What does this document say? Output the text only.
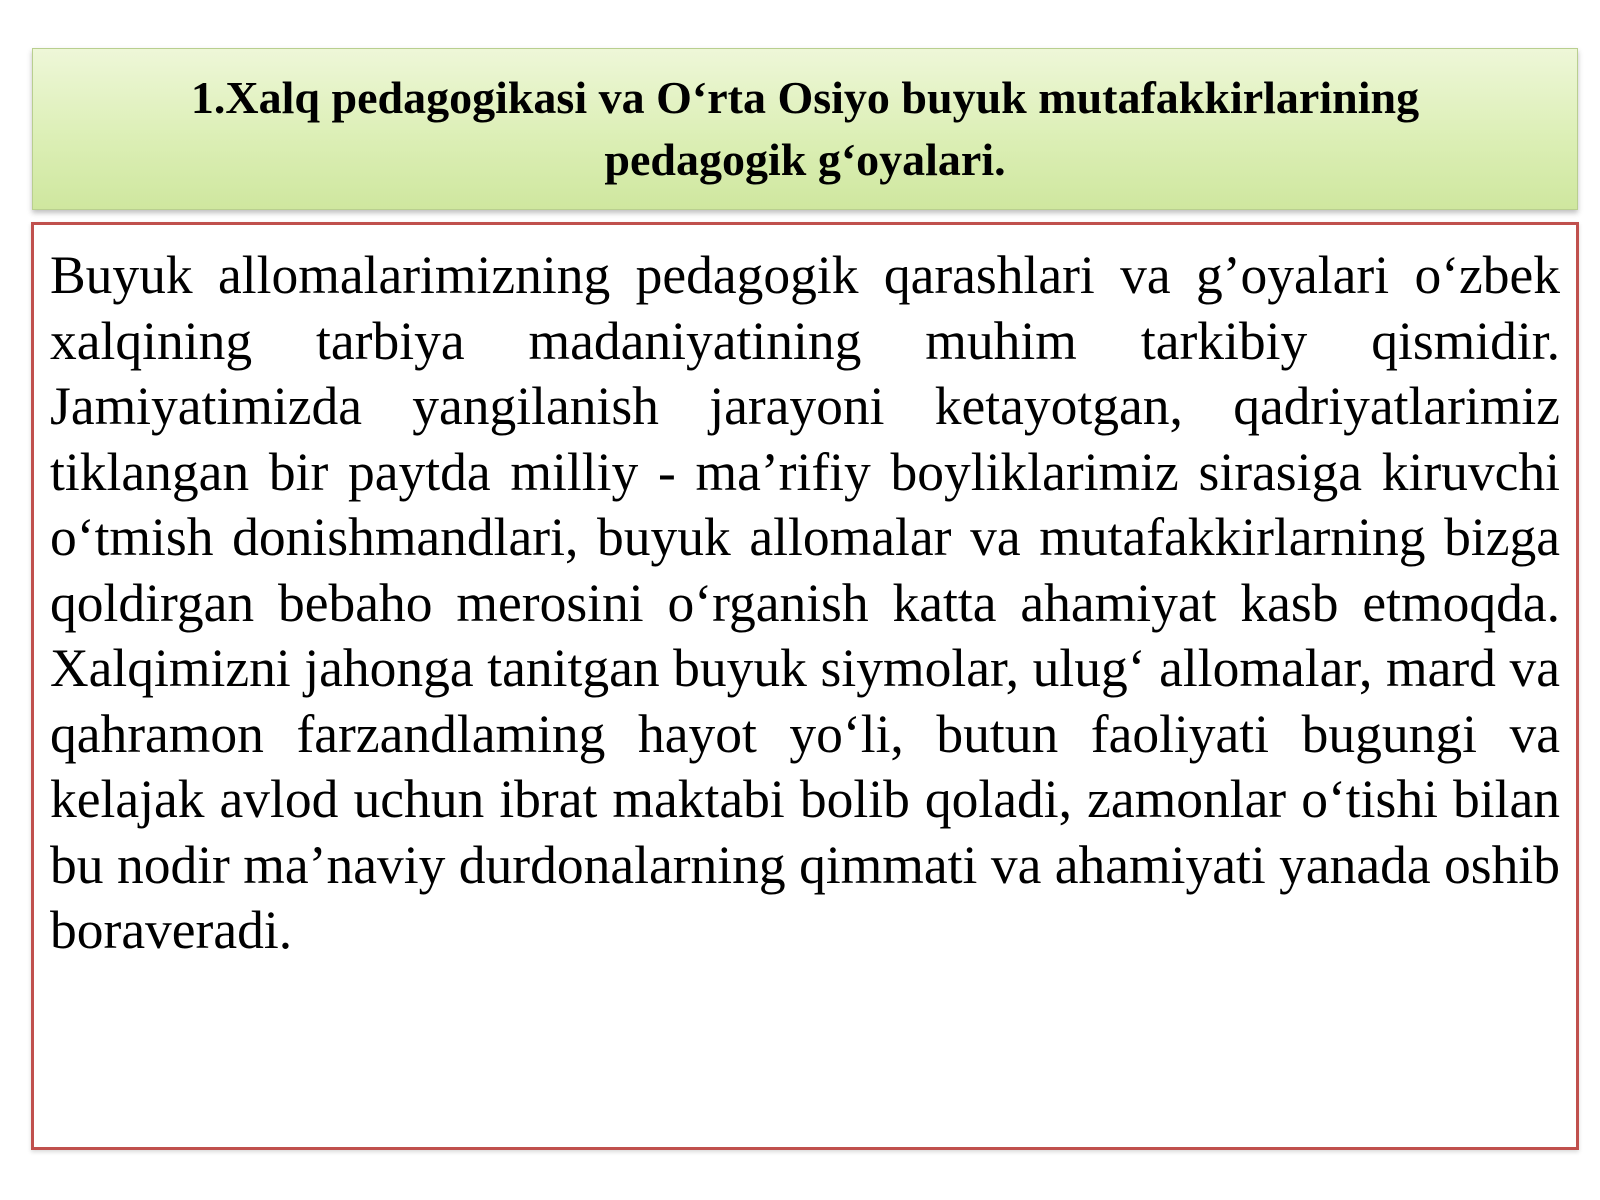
1.Xalq pedagogikasi va O‘rta Osiyo buyuk mutafakkirlarining pedagogik g‘oyalari.

Buyuk allomalarimizning pedagogik qarashlari va g’oyalari o‘zbek xalqining tarbiya madaniyatining muhim tarkibiy qismidir. Jamiyatimizda yangilanish jarayoni ketayotgan, qadriyatlarimiz tiklangan bir paytda milliy - ma’rifiy boyliklarimiz sirasiga kiruvchi o‘tmish donishmandlari, buyuk allomalar va mutafakkirlarning bizga qoldirgan bebaho merosini o‘rganish katta ahamiyat kasb etmoqda. Xalqimizni jahonga tanitgan buyuk siymolar, ulug‘ allomalar, mard va qahramon farzandlaming hayot yo‘li, butun faoliyati bugungi va kelajak avlod uchun ibrat maktabi bolib qoladi, zamonlar o‘tishi bilan bu nodir ma’naviy durdonalarning qimmati va ahamiyati yanada oshib boraveradi.
